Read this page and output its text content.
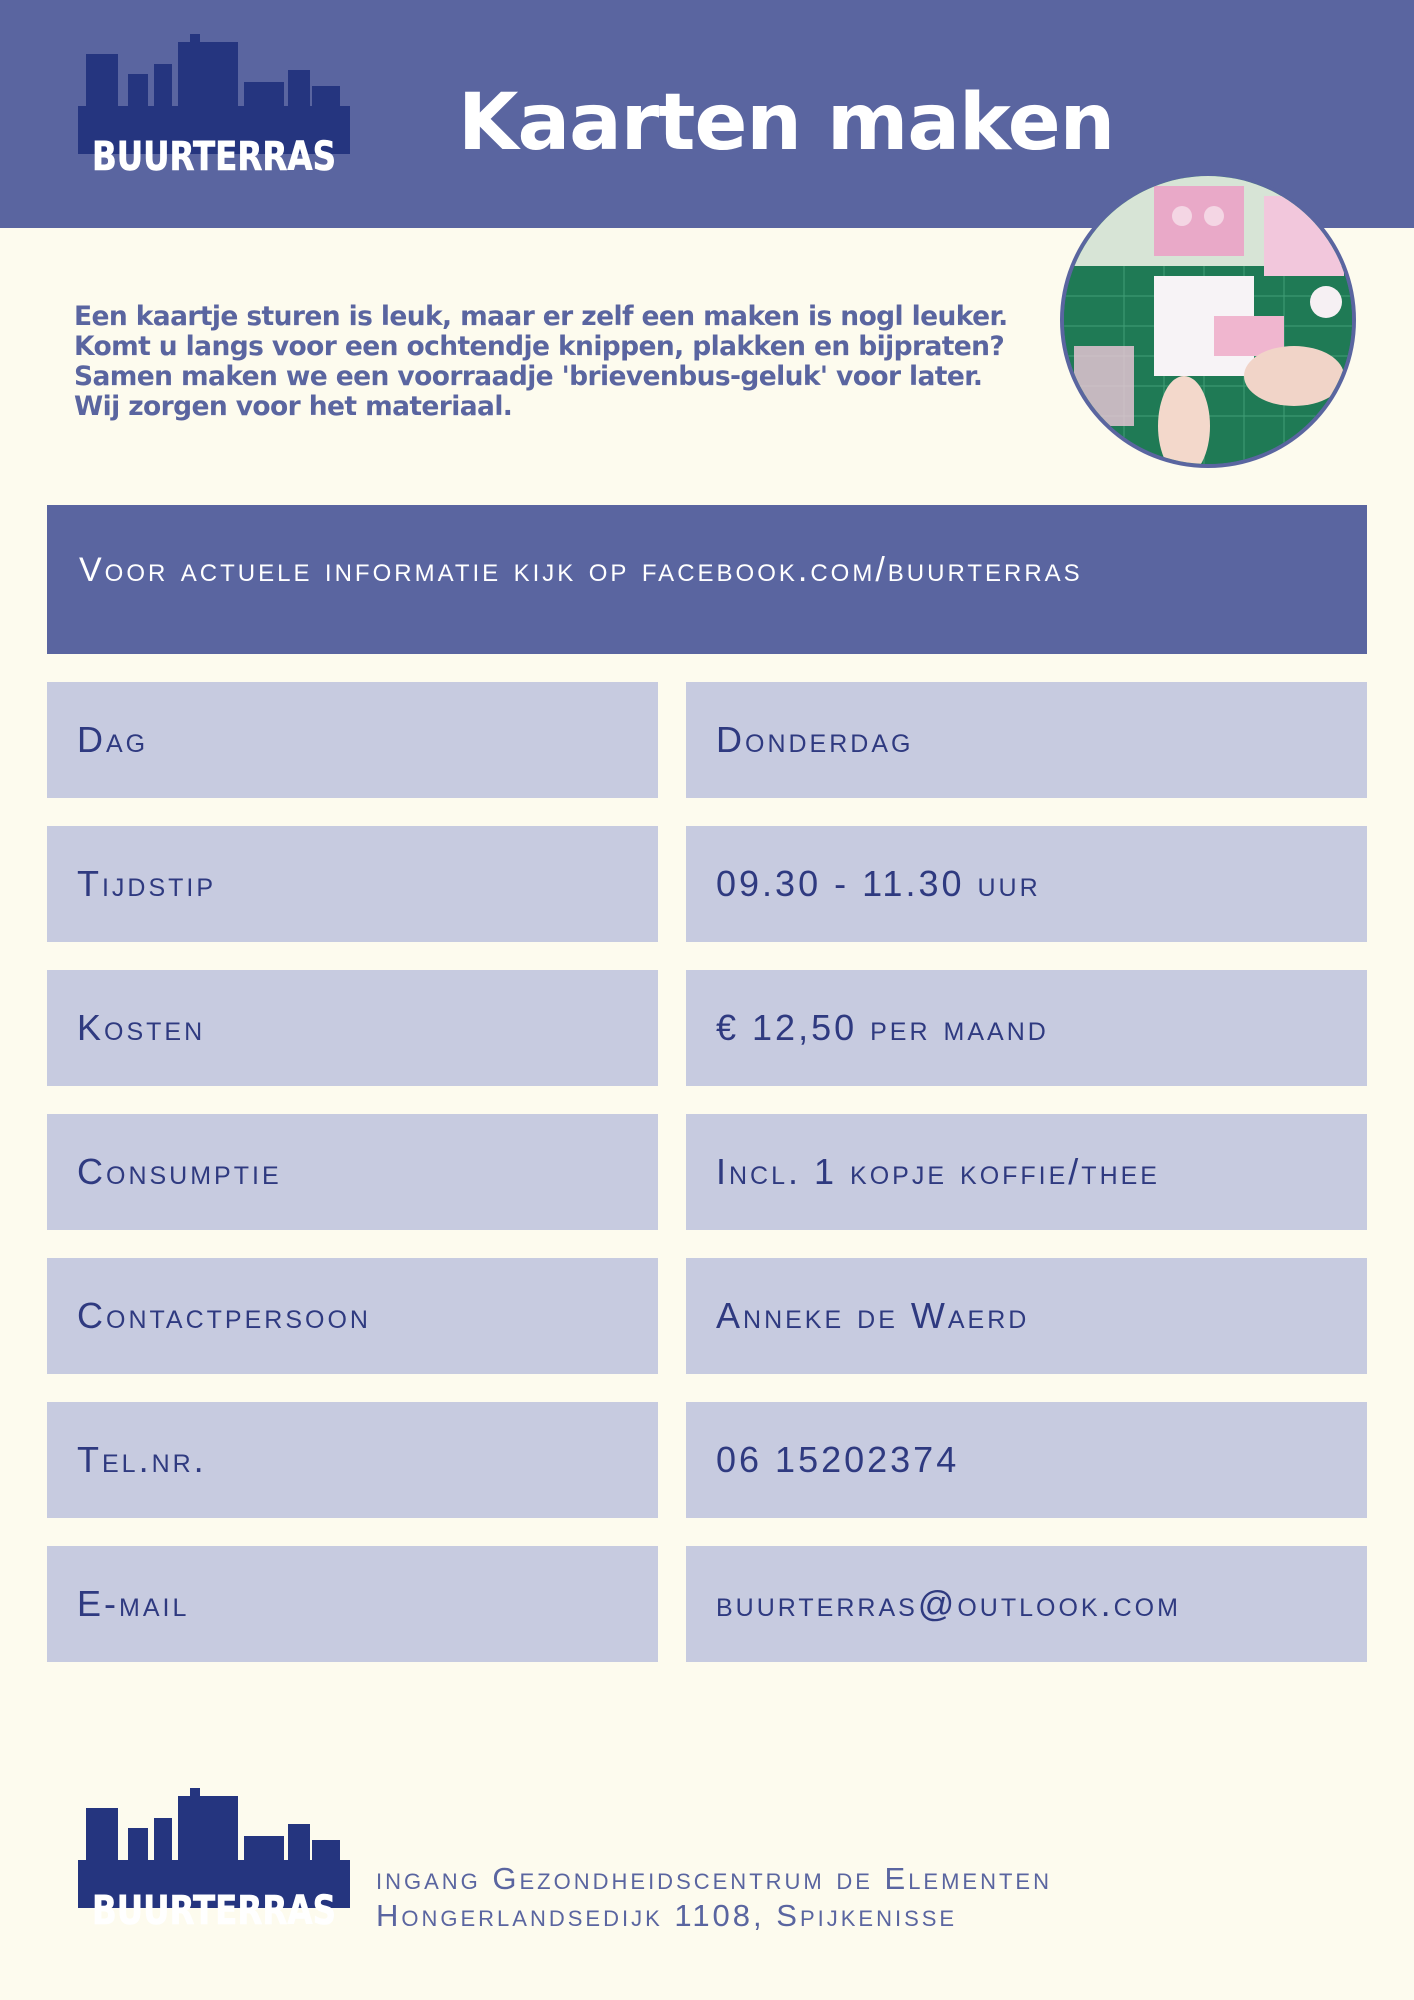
BUURTERRAS Kaarten maken
Een kaartje sturen is leuk, maar er zelf een maken is nogl leuker. Komt u langs voor een ochtendje knippen, plakken en bijpraten? Samen maken we een voorraadje 'brievenbus-geluk' voor later. Wij zorgen voor het materiaal.
Voor actuele informatie kijk op facebook.com/buurterras
Dag	Donderdag
Tijdstip	09.30 - 11.30 uur
Kosten	€ 12,50 per maand
Consumptie	Incl. 1 kopje koffie/thee
Contactpersoon	Anneke de Waerd
Tel.nr.	06 15202374
E-mail	buurterras@outlook.com
BUURTERRAS
ingang Gezondheidscentrum de Elementen
Hongerlandsedijk 1108, Spijkenisse
